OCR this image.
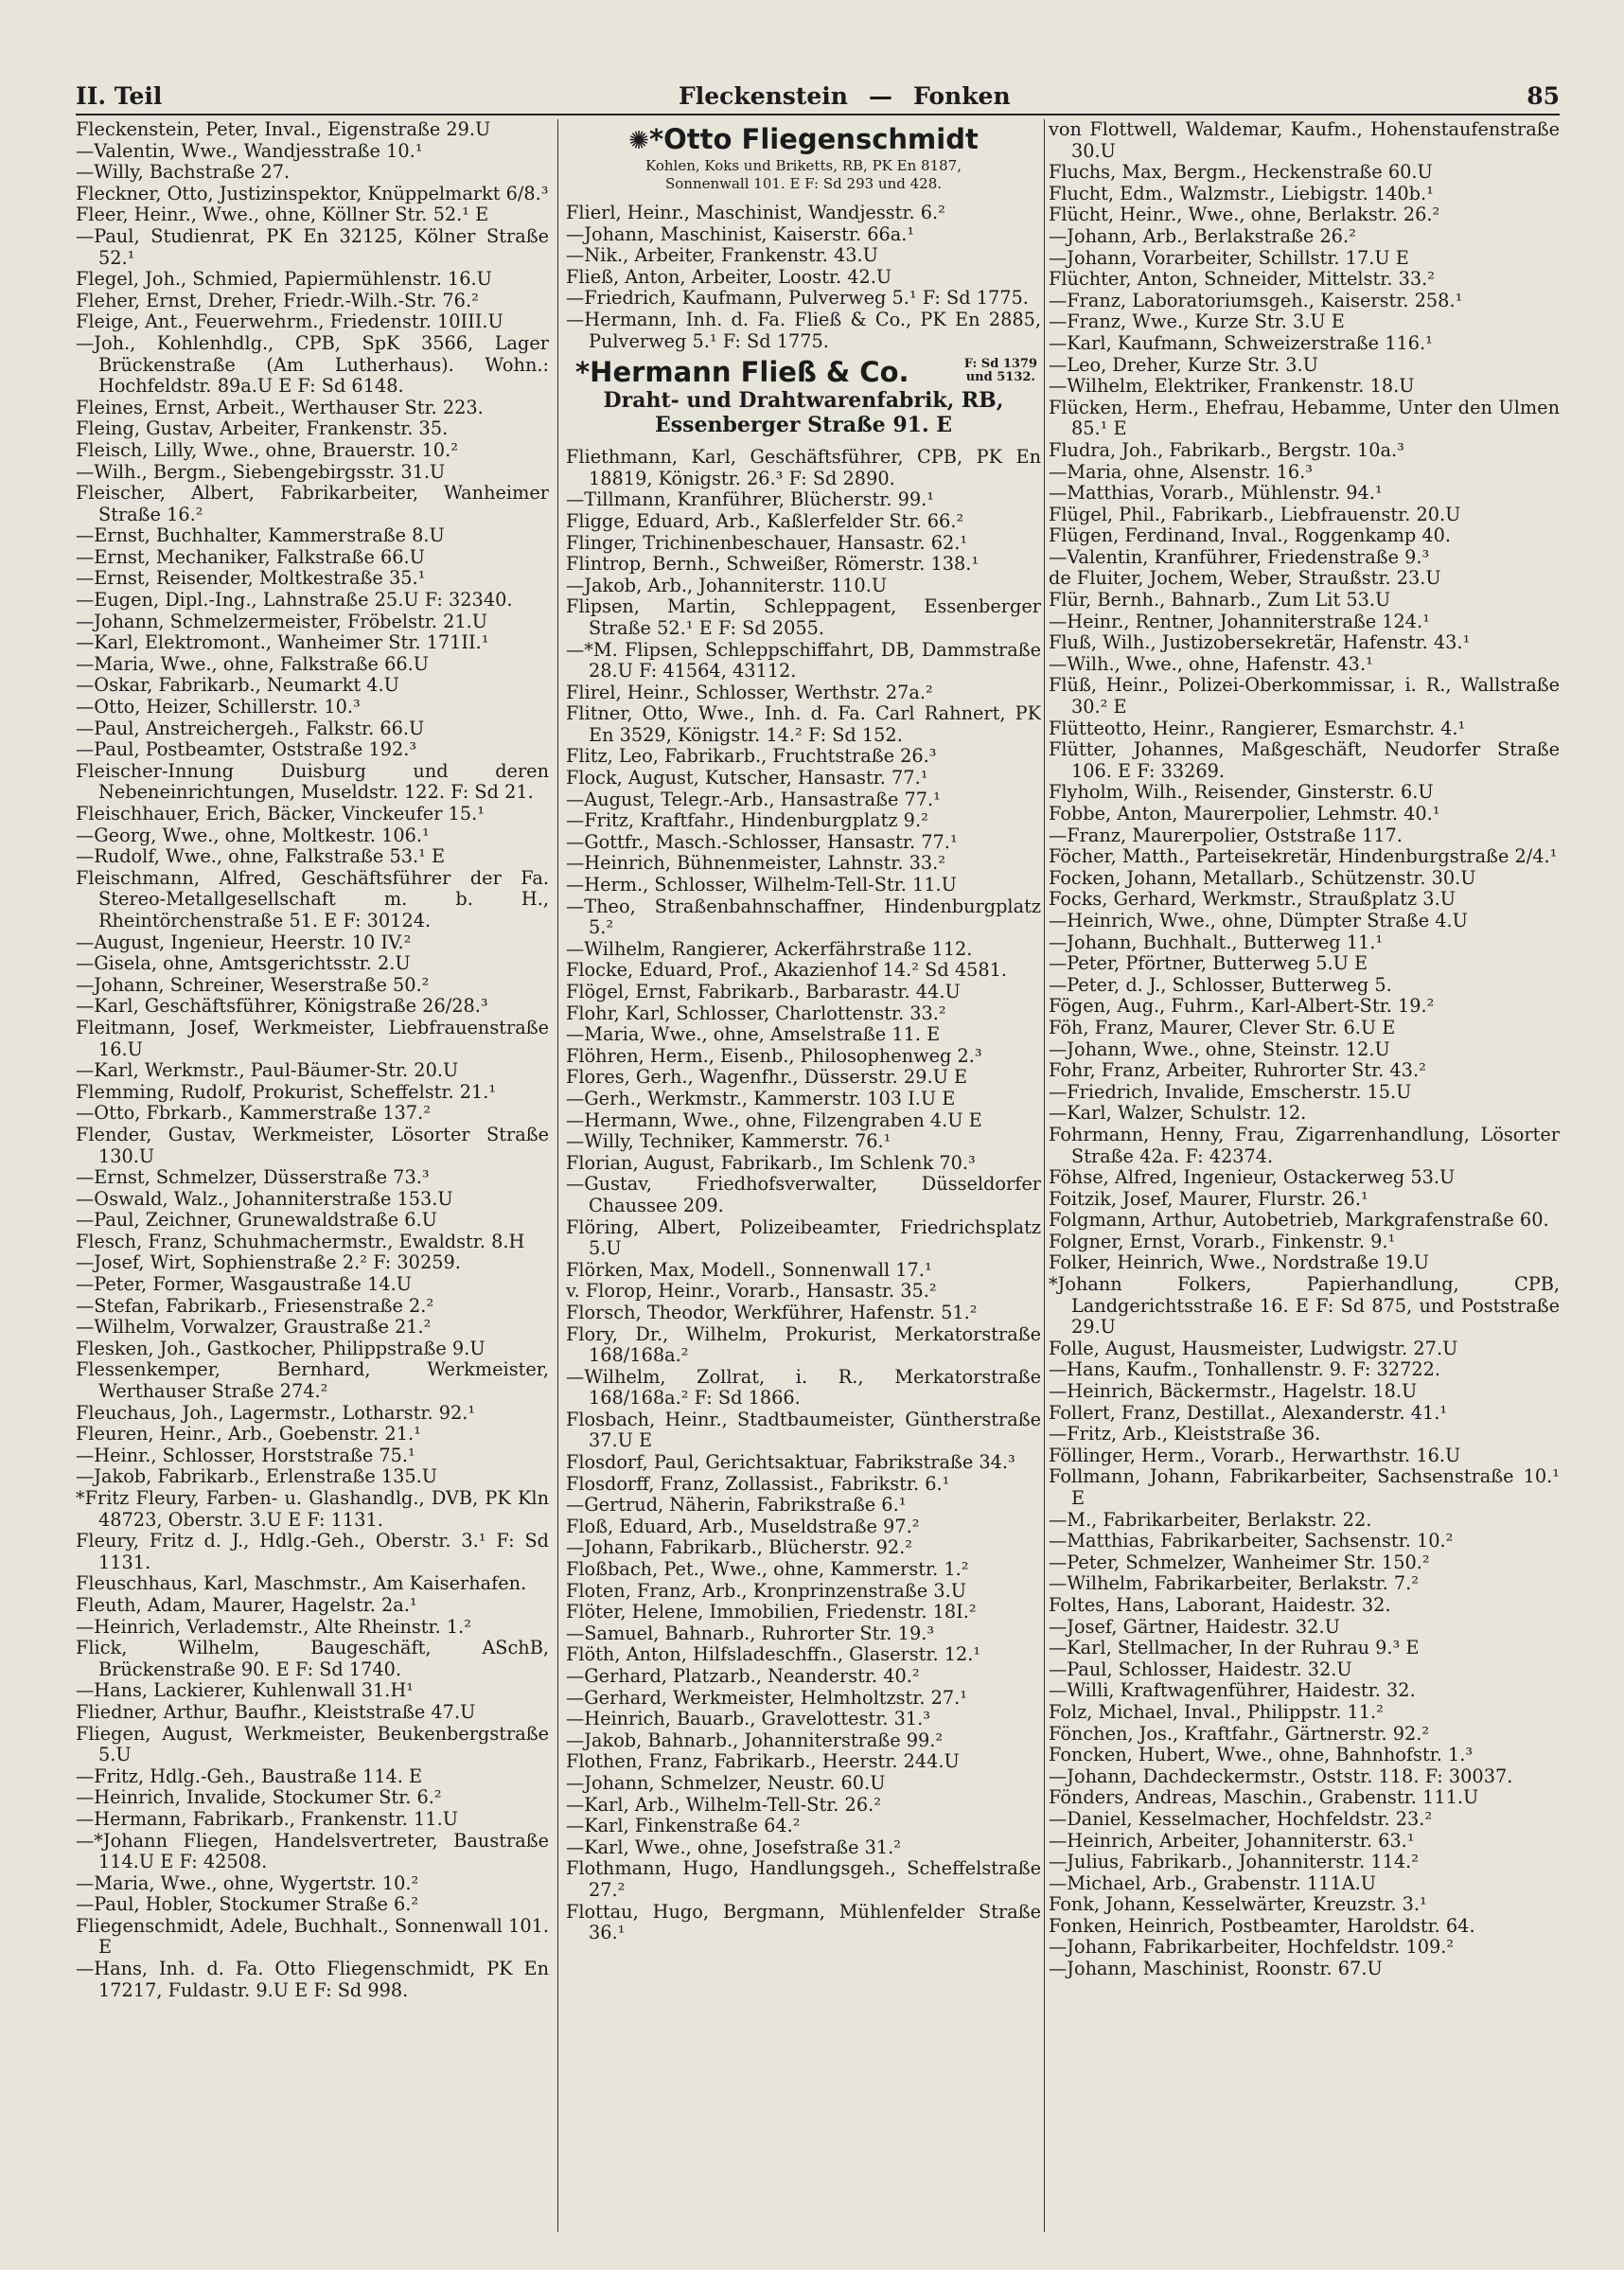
II. Teil	Fleckenstein — Fonken	85
Fleckenstein, Peter, Inval., Eigenstraße 29.U
—Valentin, Wwe., Wandjesstraße 10.¹
—Willy, Bachstraße 27.
Fleckner, Otto, Justizinspektor, Knüppelmarkt 6/8.³
Fleer, Heinr., Wwe., ohne, Köllner Str. 52.¹ E
—Paul, Studienrat, PK En 32125, Kölner Straße 52.¹
Flegel, Joh., Schmied, Papiermühlenstr. 16.U
Fleher, Ernst, Dreher, Friedr.-Wilh.-Str. 76.²
Fleige, Ant., Feuerwehrm., Friedenstr. 10III.U
—Joh., Kohlenhdlg., CPB, SpK 3566, Lager Brückenstraße (Am Lutherhaus). Wohn.: Hochfeldstr. 89a.U E F: Sd 6148.
Fleines, Ernst, Arbeit., Werthauser Str. 223.
Fleing, Gustav, Arbeiter, Frankenstr. 35.
Fleisch, Lilly, Wwe., ohne, Brauerstr. 10.²
—Wilh., Bergm., Siebengebirgsstr. 31.U
Fleischer, Albert, Fabrikarbeiter, Wanheimer Straße 16.²
—Ernst, Buchhalter, Kammerstraße 8.U
—Ernst, Mechaniker, Falkstraße 66.U
—Ernst, Reisender, Moltkestraße 35.¹
—Eugen, Dipl.-Ing., Lahnstraße 25.U F: 32340.
—Johann, Schmelzermeister, Fröbelstr. 21.U
—Karl, Elektromont., Wanheimer Str. 171II.¹
—Maria, Wwe., ohne, Falkstraße 66.U
—Oskar, Fabrikarb., Neumarkt 4.U
—Otto, Heizer, Schillerstr. 10.³
—Paul, Anstreichergeh., Falkstr. 66.U
—Paul, Postbeamter, Oststraße 192.³
Fleischer-Innung Duisburg und deren Nebeneinrichtungen, Museldstr. 122. F: Sd 21.
Fleischhauer, Erich, Bäcker, Vinckeufer 15.¹
—Georg, Wwe., ohne, Moltkestr. 106.¹
—Rudolf, Wwe., ohne, Falkstraße 53.¹ E
Fleischmann, Alfred, Geschäftsführer der Fa. Stereo-Metallgesellschaft m. b. H., Rheintörchenstraße 51. E F: 30124.
—August, Ingenieur, Heerstr. 10 IV.²
—Gisela, ohne, Amtsgerichtsstr. 2.U
—Johann, Schreiner, Weserstraße 50.²
—Karl, Geschäftsführer, Königstraße 26/28.³
Fleitmann, Josef, Werkmeister, Liebfrauenstraße 16.U
—Karl, Werkmstr., Paul-Bäumer-Str. 20.U
Flemming, Rudolf, Prokurist, Scheffelstr. 21.¹
—Otto, Fbrkarb., Kammerstraße 137.²
Flender, Gustav, Werkmeister, Lösorter Straße 130.U
—Ernst, Schmelzer, Düsserstraße 73.³
—Oswald, Walz., Johanniterstraße 153.U
—Paul, Zeichner, Grunewaldstraße 6.U
Flesch, Franz, Schuhmachermstr., Ewaldstr. 8.H
—Josef, Wirt, Sophienstraße 2.² F: 30259.
—Peter, Former, Wasgaustraße 14.U
—Stefan, Fabrikarb., Friesenstraße 2.²
—Wilhelm, Vorwalzer, Graustraße 21.²
Flesken, Joh., Gastkocher, Philippstraße 9.U
Flessenkemper, Bernhard, Werkmeister, Werthauser Straße 274.²
Fleuchaus, Joh., Lagermstr., Lotharstr. 92.¹
Fleuren, Heinr., Arb., Goebenstr. 21.¹
—Heinr., Schlosser, Horststraße 75.¹
—Jakob, Fabrikarb., Erlenstraße 135.U
*Fritz Fleury, Farben- u. Glashandlg., DVB, PK Kln 48723, Oberstr. 3.U E F: 1131.
Fleury, Fritz d. J., Hdlg.-Geh., Oberstr. 3.¹ F: Sd 1131.
Fleuschhaus, Karl, Maschmstr., Am Kaiserhafen.
Fleuth, Adam, Maurer, Hagelstr. 2a.¹
—Heinrich, Verlademstr., Alte Rheinstr. 1.²
Flick, Wilhelm, Baugeschäft, ASchB, Brückenstraße 90. E F: Sd 1740.
—Hans, Lackierer, Kuhlenwall 31.H¹
Fliedner, Arthur, Baufhr., Kleiststraße 47.U
Fliegen, August, Werkmeister, Beukenbergstraße 5.U
—Fritz, Hdlg.-Geh., Baustraße 114. E
—Heinrich, Invalide, Stockumer Str. 6.²
—Hermann, Fabrikarb., Frankenstr. 11.U
—*Johann Fliegen, Handelsvertreter, Baustraße 114.U E F: 42508.
—Maria, Wwe., ohne, Wygertstr. 10.²
—Paul, Hobler, Stockumer Straße 6.²
Fliegenschmidt, Adele, Buchhalt., Sonnenwall 101. E
—Hans, Inh. d. Fa. Otto Fliegenschmidt, PK En 17217, Fuldastr. 9.U E F: Sd 998.
✺*Otto Fliegenschmidt
Kohlen, Koks und Briketts, RB, PK En 8187,
Sonnenwall 101. E F: Sd 293 und 428.
Flierl, Heinr., Maschinist, Wandjesstr. 6.²
—Johann, Maschinist, Kaiserstr. 66a.¹
—Nik., Arbeiter, Frankenstr. 43.U
Fließ, Anton, Arbeiter, Loostr. 42.U
—Friedrich, Kaufmann, Pulverweg 5.¹ F: Sd 1775.
—Hermann, Inh. d. Fa. Fließ & Co., PK En 2885, Pulverweg 5.¹ F: Sd 1775.
F: Sd 1379
und 5132.
*Hermann Fließ & Co.
Draht- und Drahtwarenfabrik, RB,
Essenberger Straße 91. E
Fliethmann, Karl, Geschäftsführer, CPB, PK En 18819, Königstr. 26.³ F: Sd 2890.
—Tillmann, Kranführer, Blücherstr. 99.¹
Fligge, Eduard, Arb., Kaßlerfelder Str. 66.²
Flinger, Trichinenbeschauer, Hansastr. 62.¹
Flintrop, Bernh., Schweißer, Römerstr. 138.¹
—Jakob, Arb., Johanniterstr. 110.U
Flipsen, Martin, Schleppagent, Essenberger Straße 52.¹ E F: Sd 2055.
—*M. Flipsen, Schleppschiffahrt, DB, Dammstraße 28.U F: 41564, 43112.
Flirel, Heinr., Schlosser, Werthstr. 27a.²
Flitner, Otto, Wwe., Inh. d. Fa. Carl Rahnert, PK En 3529, Königstr. 14.² F: Sd 152.
Flitz, Leo, Fabrikarb., Fruchtstraße 26.³
Flock, August, Kutscher, Hansastr. 77.¹
—August, Telegr.-Arb., Hansastraße 77.¹
—Fritz, Kraftfahr., Hindenburgplatz 9.²
—Gottfr., Masch.-Schlosser, Hansastr. 77.¹
—Heinrich, Bühnenmeister, Lahnstr. 33.²
—Herm., Schlosser, Wilhelm-Tell-Str. 11.U
—Theo, Straßenbahnschaffner, Hindenburgplatz 5.²
—Wilhelm, Rangierer, Ackerfährstraße 112.
Flocke, Eduard, Prof., Akazienhof 14.² Sd 4581.
Flögel, Ernst, Fabrikarb., Barbarastr. 44.U
Flohr, Karl, Schlosser, Charlottenstr. 33.²
—Maria, Wwe., ohne, Amselstraße 11. E
Flöhren, Herm., Eisenb., Philosophenweg 2.³
Flores, Gerh., Wagenfhr., Düsserstr. 29.U E
—Gerh., Werkmstr., Kammerstr. 103 I.U E
—Hermann, Wwe., ohne, Filzengraben 4.U E
—Willy, Techniker, Kammerstr. 76.¹
Florian, August, Fabrikarb., Im Schlenk 70.³
—Gustav, Friedhofsverwalter, Düsseldorfer Chaussee 209.
Flöring, Albert, Polizeibeamter, Friedrichsplatz 5.U
Flörken, Max, Modell., Sonnenwall 17.¹
v. Florop, Heinr., Vorarb., Hansastr. 35.²
Florsch, Theodor, Werkführer, Hafenstr. 51.²
Flory, Dr., Wilhelm, Prokurist, Merkatorstraße 168/168a.²
—Wilhelm, Zollrat, i. R., Merkatorstraße 168/168a.² F: Sd 1866.
Flosbach, Heinr., Stadtbaumeister, Güntherstraße 37.U E
Flosdorf, Paul, Gerichtsaktuar, Fabrikstraße 34.³
Flosdorff, Franz, Zollassist., Fabrikstr. 6.¹
—Gertrud, Näherin, Fabrikstraße 6.¹
Floß, Eduard, Arb., Museldstraße 97.²
—Johann, Fabrikarb., Blücherstr. 92.²
Floßbach, Pet., Wwe., ohne, Kammerstr. 1.²
Floten, Franz, Arb., Kronprinzenstraße 3.U
Flöter, Helene, Immobilien, Friedenstr. 18I.²
—Samuel, Bahnarb., Ruhrorter Str. 19.³
Flöth, Anton, Hilfsladeschffn., Glaserstr. 12.¹
—Gerhard, Platzarb., Neanderstr. 40.²
—Gerhard, Werkmeister, Helmholtzstr. 27.¹
—Heinrich, Bauarb., Gravelottestr. 31.³
—Jakob, Bahnarb., Johanniterstraße 99.²
Flothen, Franz, Fabrikarb., Heerstr. 244.U
—Johann, Schmelzer, Neustr. 60.U
—Karl, Arb., Wilhelm-Tell-Str. 26.²
—Karl, Finkenstraße 64.²
—Karl, Wwe., ohne, Josefstraße 31.²
Flothmann, Hugo, Handlungsgeh., Scheffelstraße 27.²
Flottau, Hugo, Bergmann, Mühlenfelder Straße 36.¹
von Flottwell, Waldemar, Kaufm., Hohenstaufenstraße 30.U
Fluchs, Max, Bergm., Heckenstraße 60.U
Flucht, Edm., Walzmstr., Liebigstr. 140b.¹
Flücht, Heinr., Wwe., ohne, Berlakstr. 26.²
—Johann, Arb., Berlakstraße 26.²
—Johann, Vorarbeiter, Schillstr. 17.U E
Flüchter, Anton, Schneider, Mittelstr. 33.²
—Franz, Laboratoriumsgeh., Kaiserstr. 258.¹
—Franz, Wwe., Kurze Str. 3.U E
—Karl, Kaufmann, Schweizerstraße 116.¹
—Leo, Dreher, Kurze Str. 3.U
—Wilhelm, Elektriker, Frankenstr. 18.U
Flücken, Herm., Ehefrau, Hebamme, Unter den Ulmen 85.¹ E
Fludra, Joh., Fabrikarb., Bergstr. 10a.³
—Maria, ohne, Alsenstr. 16.³
—Matthias, Vorarb., Mühlenstr. 94.¹
Flügel, Phil., Fabrikarb., Liebfrauenstr. 20.U
Flügen, Ferdinand, Inval., Roggenkamp 40.
—Valentin, Kranführer, Friedenstraße 9.³
de Fluiter, Jochem, Weber, Straußstr. 23.U
Flür, Bernh., Bahnarb., Zum Lit 53.U
—Heinr., Rentner, Johanniterstraße 124.¹
Fluß, Wilh., Justizobersekretär, Hafenstr. 43.¹
—Wilh., Wwe., ohne, Hafenstr. 43.¹
Flüß, Heinr., Polizei-Oberkommissar, i. R., Wallstraße 30.² E
Flütteotto, Heinr., Rangierer, Esmarchstr. 4.¹
Flütter, Johannes, Maßgeschäft, Neudorfer Straße 106. E F: 33269.
Flyholm, Wilh., Reisender, Ginsterstr. 6.U
Fobbe, Anton, Maurerpolier, Lehmstr. 40.¹
—Franz, Maurerpolier, Oststraße 117.
Föcher, Matth., Parteisekretär, Hindenburgstraße 2/4.¹
Focken, Johann, Metallarb., Schützenstr. 30.U
Focks, Gerhard, Werkmstr., Straußplatz 3.U
—Heinrich, Wwe., ohne, Dümpter Straße 4.U
—Johann, Buchhalt., Butterweg 11.¹
—Peter, Pförtner, Butterweg 5.U E
—Peter, d. J., Schlosser, Butterweg 5.
Fögen, Aug., Fuhrm., Karl-Albert-Str. 19.²
Föh, Franz, Maurer, Clever Str. 6.U E
—Johann, Wwe., ohne, Steinstr. 12.U
Fohr, Franz, Arbeiter, Ruhrorter Str. 43.²
—Friedrich, Invalide, Emscherstr. 15.U
—Karl, Walzer, Schulstr. 12.
Fohrmann, Henny, Frau, Zigarrenhandlung, Lösorter Straße 42a. F: 42374.
Föhse, Alfred, Ingenieur, Ostackerweg 53.U
Foitzik, Josef, Maurer, Flurstr. 26.¹
Folgmann, Arthur, Autobetrieb, Markgrafenstraße 60.
Folgner, Ernst, Vorarb., Finkenstr. 9.¹
Folker, Heinrich, Wwe., Nordstraße 19.U
*Johann Folkers, Papierhandlung, CPB, Landgerichtsstraße 16. E F: Sd 875, und Poststraße 29.U
Folle, August, Hausmeister, Ludwigstr. 27.U
—Hans, Kaufm., Tonhallenstr. 9. F: 32722.
—Heinrich, Bäckermstr., Hagelstr. 18.U
Follert, Franz, Destillat., Alexanderstr. 41.¹
—Fritz, Arb., Kleiststraße 36.
Föllinger, Herm., Vorarb., Herwarthstr. 16.U
Follmann, Johann, Fabrikarbeiter, Sachsenstraße 10.¹ E
—M., Fabrikarbeiter, Berlakstr. 22.
—Matthias, Fabrikarbeiter, Sachsenstr. 10.²
—Peter, Schmelzer, Wanheimer Str. 150.²
—Wilhelm, Fabrikarbeiter, Berlakstr. 7.²
Foltes, Hans, Laborant, Haidestr. 32.
—Josef, Gärtner, Haidestr. 32.U
—Karl, Stellmacher, In der Ruhrau 9.³ E
—Paul, Schlosser, Haidestr. 32.U
—Willi, Kraftwagenführer, Haidestr. 32.
Folz, Michael, Inval., Philippstr. 11.²
Fönchen, Jos., Kraftfahr., Gärtnerstr. 92.²
Foncken, Hubert, Wwe., ohne, Bahnhofstr. 1.³
—Johann, Dachdeckermstr., Oststr. 118. F: 30037.
Fönders, Andreas, Maschin., Grabenstr. 111.U
—Daniel, Kesselmacher, Hochfeldstr. 23.²
—Heinrich, Arbeiter, Johanniterstr. 63.¹
—Julius, Fabrikarb., Johanniterstr. 114.²
—Michael, Arb., Grabenstr. 111A.U
Fonk, Johann, Kesselwärter, Kreuzstr. 3.¹
Fonken, Heinrich, Postbeamter, Haroldstr. 64.
—Johann, Fabrikarbeiter, Hochfeldstr. 109.²
—Johann, Maschinist, Roonstr. 67.U
